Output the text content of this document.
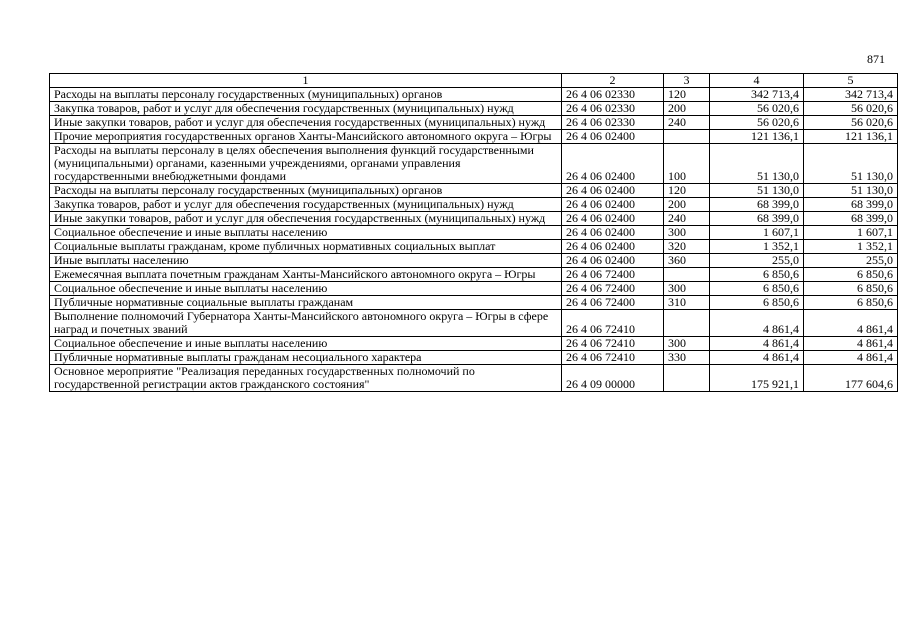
871
1	2	3	4	5
Расходы на выплаты персоналу государственных (муниципальных) органов	26 4 06 02330	120	342 713,4	342 713,4
Закупка товаров, работ и услуг для обеспечения государственных (муниципальных) нужд	26 4 06 02330	200	56 020,6	56 020,6
Иные закупки товаров, работ и услуг для обеспечения государственных (муниципальных) нужд	26 4 06 02330	240	56 020,6	56 020,6
Прочие мероприятия государственных органов Ханты-Мансийского автономного округа – Югры	26 4 06 02400		121 136,1	121 136,1
Расходы на выплаты персоналу в целях обеспечения выполнения функций государственными (муниципальными) органами, казенными учреждениями, органами управления государственными внебюджетными фондами	26 4 06 02400	100	51 130,0	51 130,0
Расходы на выплаты персоналу государственных (муниципальных) органов	26 4 06 02400	120	51 130,0	51 130,0
Закупка товаров, работ и услуг для обеспечения государственных (муниципальных) нужд	26 4 06 02400	200	68 399,0	68 399,0
Иные закупки товаров, работ и услуг для обеспечения государственных (муниципальных) нужд	26 4 06 02400	240	68 399,0	68 399,0
Социальное обеспечение и иные выплаты населению	26 4 06 02400	300	1 607,1	1 607,1
Социальные выплаты гражданам, кроме публичных нормативных социальных выплат	26 4 06 02400	320	1 352,1	1 352,1
Иные выплаты населению	26 4 06 02400	360	255,0	255,0
Ежемесячная выплата почетным гражданам Ханты-Мансийского автономного округа – Югры	26 4 06 72400		6 850,6	6 850,6
Социальное обеспечение и иные выплаты населению	26 4 06 72400	300	6 850,6	6 850,6
Публичные нормативные социальные выплаты гражданам	26 4 06 72400	310	6 850,6	6 850,6
Выполнение полномочий Губернатора Ханты-Мансийского автономного округа – Югры в сфере наград и почетных званий	26 4 06 72410		4 861,4	4 861,4
Социальное обеспечение и иные выплаты населению	26 4 06 72410	300	4 861,4	4 861,4
Публичные нормативные выплаты гражданам несоциального характера	26 4 06 72410	330	4 861,4	4 861,4
Основное мероприятие "Реализация переданных государственных полномочий по государственной регистрации актов гражданского состояния"	26 4 09 00000		175 921,1	177 604,6
